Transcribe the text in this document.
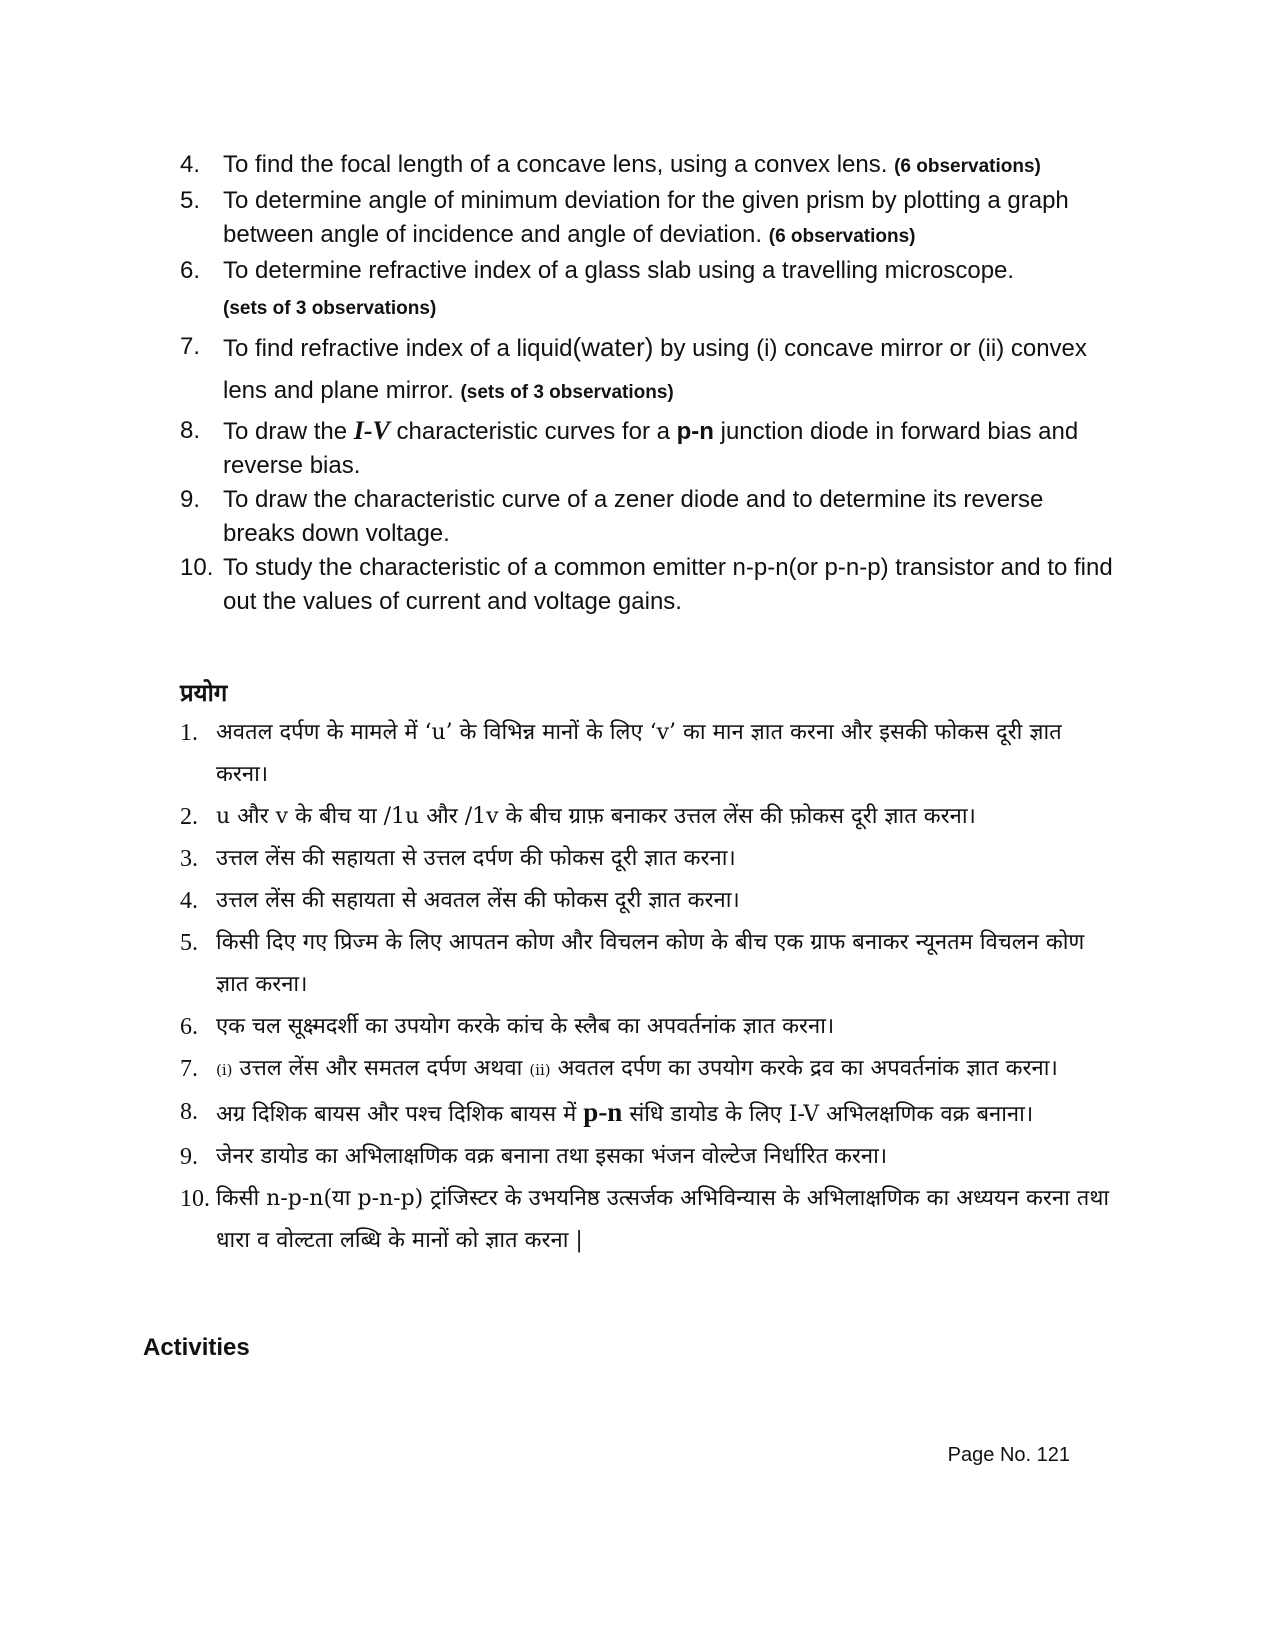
4. To find the focal length of a concave lens, using a convex lens. (6 observations)
5. To determine angle of minimum deviation for the given prism by plotting a graph between angle of incidence and angle of deviation. (6 observations)
6. To determine refractive index of a glass slab using a travelling microscope.
(sets of 3 observations)
7. To find refractive index of a liquid(water) by using (i) concave mirror or (ii) convex lens and plane mirror. (sets of 3 observations)
8. To draw the I-V characteristic curves for a p-n junction diode in forward bias and reverse bias.
9. To draw the characteristic curve of a zener diode and to determine its reverse breaks down voltage.
10. To study the characteristic of a common emitter n-p-n(or p-n-p) transistor and to find out the values of current and voltage gains.
प्रयोग
1. अवतल दर्पण के मामले में ‘u’ के विभिन्न मानों के लिए ‘v’ का मान ज्ञात करना और इसकी फोकस दूरी ज्ञात करना।
2. u और v के बीच या /1u और /1v के बीच ग्राफ़ बनाकर उत्तल लेंस की फ़ोकस दूरी ज्ञात करना।
3. उत्तल लेंस की सहायता से उत्तल दर्पण की फोकस दूरी ज्ञात करना।
4. उत्तल लेंस की सहायता से अवतल लेंस की फोकस दूरी ज्ञात करना।
5. किसी दिए गए प्रिज्म के लिए आपतन कोण और विचलन कोण के बीच एक ग्राफ बनाकर न्यूनतम विचलन कोण ज्ञात करना।
6. एक चल सूक्ष्मदर्शी का उपयोग करके कांच के स्लैब का अपवर्तनांक ज्ञात करना।
7.	(i) उत्तल लेंस और समतल दर्पण अथवा (ii) अवतल दर्पण का उपयोग करके द्रव का अपवर्तनांक ज्ञात करना।
8. अग्र दिशिक बायस और पश्च दिशिक बायस में p-n संधि डायोड के लिए I-V अभिलक्षणिक वक्र बनाना।
9. जेनर डायोड का अभिलाक्षणिक वक्र बनाना तथा इसका भंजन वोल्टेज निर्धारित करना।
10. किसी n-p-n(या p-n-p) ट्रांजिस्टर के उभयनिष्ठ उत्सर्जक अभिविन्यास के अभिलाक्षणिक का अध्ययन करना तथा धारा व वोल्टता लब्धि के मानों को ज्ञात करना |
Activities
Page No. 121
